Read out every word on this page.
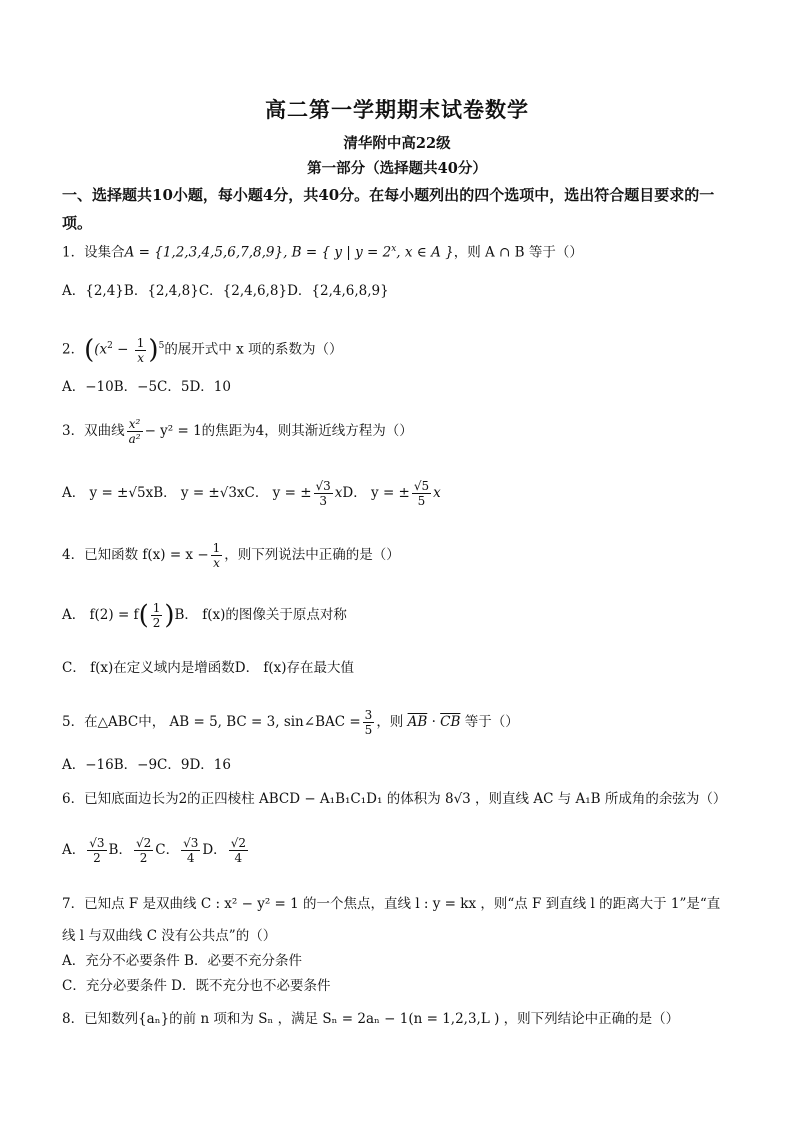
高二第一学期期末试卷数学
清华附中高22级
第一部分（选择题共40分）
一、选择题共10小题，每小题4分，共40分。在每小题列出的四个选项中，选出符合题目要求的一项。
1．设集合A = {1,2,3,4,5,6,7,8,9}, B = { y | $y = 2^x$, x ∈ A }，则 A ∩ B 等于（）
A．{2,4}B．{2,4,8}C．{2,4,6,8}D．{2,4,6,8,9}
2．($(x^2 - \frac{1}{x} )^5$的展开式中 x 项的系数为（）
A．−10B．−5C．5D．10
3．双曲线 $\frac{\text{x²}}{\text{a²}} - y^2 = 1$的焦距为4，则其渐近线方程为（）
A． y = ±√5xB． y = ±√3xC． y = ± $\frac{√3}{3}$ xD． y = ± $\frac{√5}{5}$ x
4．已知函数 $f(x) = x - \frac{1}{x}$ ，则下列说法中正确的是（）
A． $f(2) = f( \frac{1}{2} )B$． f(x)的图像关于原点对称
C． f(x)在定义域内是增函数D． f(x)存在最大值
5．在△ABC中， AB = 5, BC = 3, sin∠BAC = $\frac{3}{5}$ ，则 $\overline{AB} \cdot \overline{CB}$ 等于（）
A．−16B．−9C．9D．16
6．已知底面边长为2的正四棱柱 ABCD − A₁B₁C₁D₁ 的体积为 8√3 ，则直线 AC 与 A₁B 所成角的余弦为（）
A． $\frac{√3}{2}$ B． $\frac{√2}{2}$ C． $\frac{√3}{4}$ D． $\frac{√2}{4}$
7．已知点 F 是双曲线 C : x² − y² = 1 的一个焦点，直线 l : y = kx ，则“点 F 到直线 l 的距离大于 1”是“直
线 l 与双曲线 C 没有公共点”的（）
A．充分不必要条件 B．必要不充分条件
C．充分必要条件 D．既不充分也不必要条件
8．已知数列{aₙ}的前 n 项和为 Sₙ ，满足 Sₙ = 2aₙ − 1(n = 1,2,3,L ) ，则下列结论中正确的是（）
